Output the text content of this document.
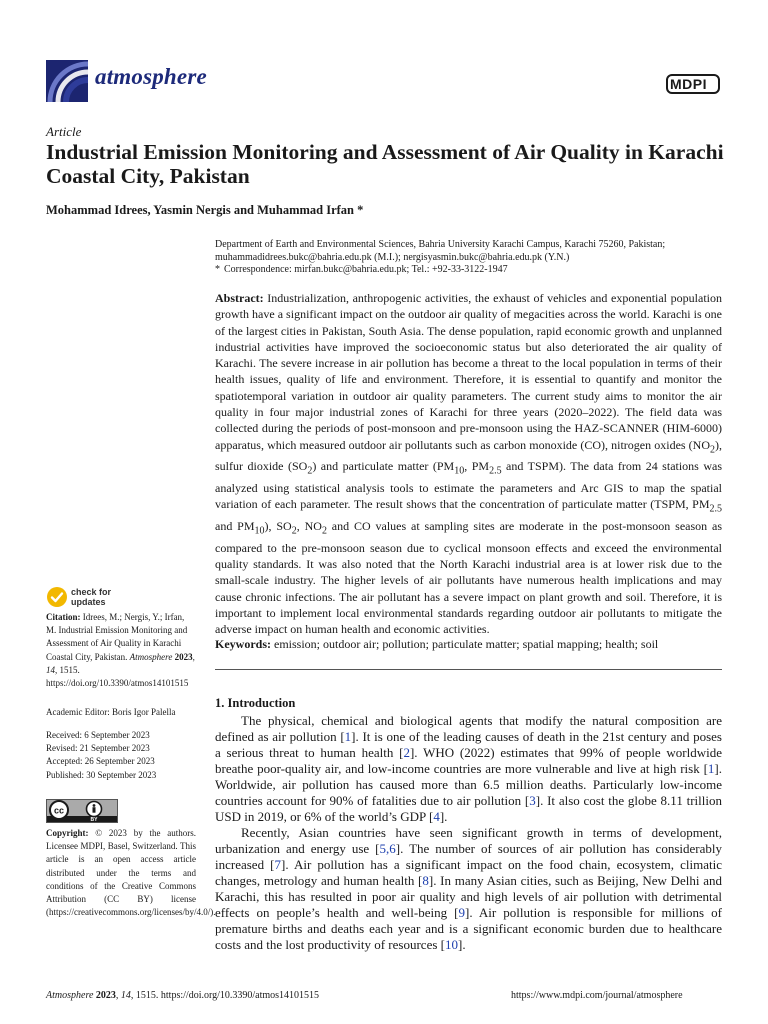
atmosphere	MDPI
Article
Industrial Emission Monitoring and Assessment of Air Quality in Karachi Coastal City, Pakistan
Mohammad Idrees, Yasmin Nergis and Muhammad Irfan *
Department of Earth and Environmental Sciences, Bahria University Karachi Campus, Karachi 75260, Pakistan; muhammadidrees.bukc@bahria.edu.pk (M.I.); nergisyasmin.bukc@bahria.edu.pk (Y.N.)
* Correspondence: mirfan.bukc@bahria.edu.pk; Tel.: +92-33-3122-1947
Abstract: Industrialization, anthropogenic activities, the exhaust of vehicles and exponential population growth have a significant impact on the outdoor air quality of megacities across the world. Karachi is one of the largest cities in Pakistan, South Asia. The dense population, rapid economic growth and unplanned industrial activities have improved the socioeconomic status but also deteriorated the air quality of Karachi. The severe increase in air pollution has become a threat to the local population in terms of their health issues, quality of life and environment. Therefore, it is essential to quantify and monitor the spatiotemporal variation in outdoor air quality parameters. The current study aims to monitor the air quality in four major industrial zones of Karachi for three years (2020–2022). The field data was collected during the periods of post-monsoon and pre-monsoon using the HAZ-SCANNER (HIM-6000) apparatus, which measured outdoor air pollutants such as carbon monoxide (CO), nitrogen oxides $(NO_2)$, sulfur dioxide $(SO_2)$ and particulate matter ($PM_{10}$, $PM_{2.5}$ and TSPM). The data from 24 stations was analyzed using statistical analysis tools to estimate the parameters and Arc GIS to map the spatial variation of each parameter. The result shows that the concentration of particulate matter (TSPM, $PM_{2.5}$ and $PM_{10}$), $SO_2$, $NO_2$ and CO values at sampling sites are moderate in the post-monsoon season as compared to the pre-monsoon season due to cyclical monsoon effects and exceed the environmental quality standards. It was also noted that the North Karachi industrial area is at lower risk due to the small-scale industry. The higher levels of air pollutants have numerous health implications and may cause chronic infections. The air pollutant has a severe impact on plant growth and soil. Therefore, it is important to implement local environmental standards regarding outdoor air pollutants to mitigate the adverse impact on human health and economic activities.
Keywords: emission; outdoor air; pollution; particulate matter; spatial mapping; health; soil
1. Introduction

The physical, chemical and biological agents that modify the natural composition are defined as air pollution [1]. It is one of the leading causes of death in the 21st century and poses a serious threat to human health [2]. WHO (2022) estimates that 99% of people worldwide breathe poor-quality air, and low-income countries are more vulnerable and live at high risk [1]. Worldwide, air pollution has caused more than 6.5 million deaths. Particularly low-income countries account for 90% of fatalities due to air pollution [3]. It also cost the globe 8.11 trillion USD in 2019, or 6% of the world’s GDP [4].

Recently, Asian countries have seen significant growth in terms of development, urbanization and energy use [5,6]. The number of sources of air pollution has considerably increased [7]. Air pollution has a significant impact on the food chain, ecosystem, climatic changes, metrology and human health [8]. In many Asian cities, such as Beijing, New Delhi and Karachi, this has resulted in poor air quality and high levels of air pollution with detrimental effects on people’s health and well-being [9]. Air pollution is responsible for millions of premature births and deaths each year and is a significant economic burden due to healthcare costs and the lost productivity of resources [10].

check for
updates
Citation: Idrees, M.; Nergis, Y.; Irfan, M. Industrial Emission Monitoring and Assessment of Air Quality in Karachi Coastal City, Pakistan. Atmosphere 2023, 14, 1515. https://doi.org/10.3390/atmos14101515
Academic Editor: Boris Igor Palella
Received: 6 September 2023
Revised: 21 September 2023
Accepted: 26 September 2023
Published: 30 September 2023
cc
BY
Copyright: © 2023 by the authors. Licensee MDPI, Basel, Switzerland. This article is an open access article distributed under the terms and conditions of the Creative Commons Attribution (CC BY) license (https://creativecommons.org/licenses/by/4.0/).
Atmosphere 2023, 14, 1515. https://doi.org/10.3390/atmos14101515	https://www.mdpi.com/journal/atmosphere
